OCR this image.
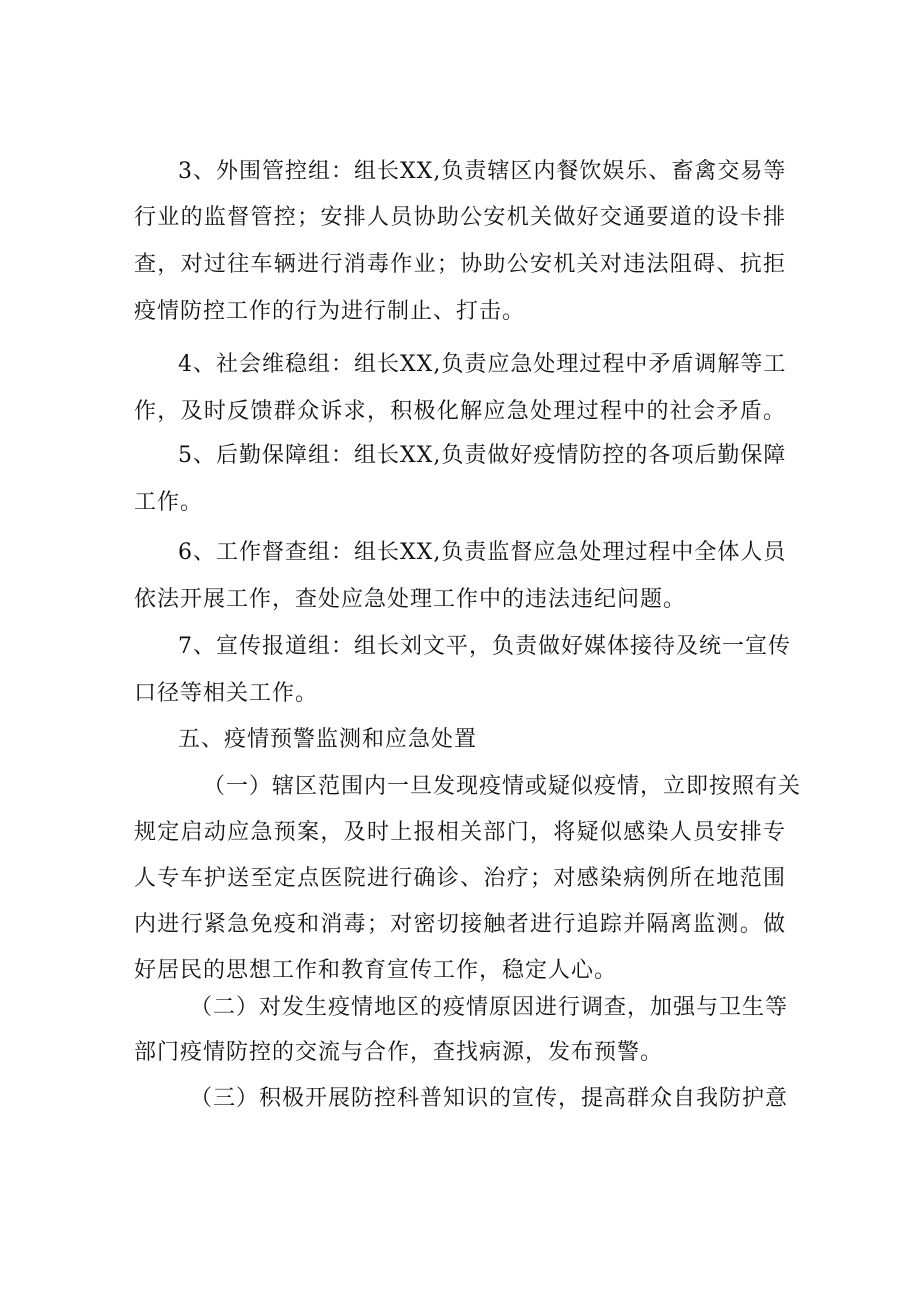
3、外围管控组：组长XX,负责辖区内餐饮娱乐、畜禽交易等
行业的监督管控；安排人员协助公安机关做好交通要道的设卡排
查，对过往车辆进行消毒作业；协助公安机关对违法阻碍、抗拒
疫情防控工作的行为进行制止、打击。
4、社会维稳组：组长XX,负责应急处理过程中矛盾调解等工
作，及时反馈群众诉求，积极化解应急处理过程中的社会矛盾。
5、后勤保障组：组长XX,负责做好疫情防控的各项后勤保障
工作。
6、工作督查组：组长XX,负责监督应急处理过程中全体人员
依法开展工作，查处应急处理工作中的违法违纪问题。
7、宣传报道组：组长刘文平，负责做好媒体接待及统一宣传
口径等相关工作。
五、疫情预警监测和应急处置
（一）辖区范围内一旦发现疫情或疑似疫情，立即按照有关
规定启动应急预案，及时上报相关部门，将疑似感染人员安排专
人专车护送至定点医院进行确诊、治疗；对感染病例所在地范围
内进行紧急免疫和消毒；对密切接触者进行追踪并隔离监测。做
好居民的思想工作和教育宣传工作，稳定人心。
（二）对发生疫情地区的疫情原因进行调查，加强与卫生等
部门疫情防控的交流与合作，查找病源，发布预警。
（三）积极开展防控科普知识的宣传，提高群众自我防护意
